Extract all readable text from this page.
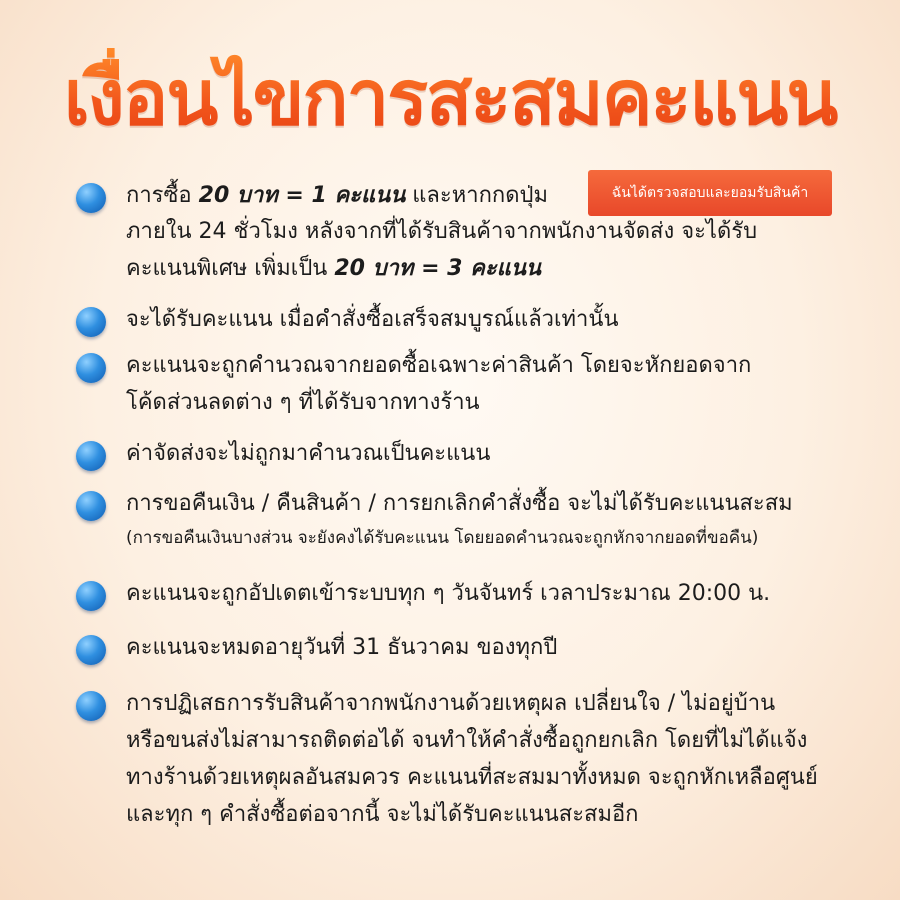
เงื่อนไขการสะสมคะแนน
ฉันได้ตรวจสอบและยอมรับสินค้า
การซื้อ 20 บาท = 1 คะแนน และหากกดปุ่ม
ภายใน 24 ชั่วโมง หลังจากที่ได้รับสินค้าจากพนักงานจัดส่ง จะได้รับ
คะแนนพิเศษ เพิ่มเป็น 20 บาท = 3 คะแนน
จะได้รับคะแนน เมื่อคำสั่งซื้อเสร็จสมบูรณ์แล้วเท่านั้น
คะแนนจะถูกคำนวณจากยอดซื้อเฉพาะค่าสินค้า โดยจะหักยอดจาก
โค้ดส่วนลดต่าง ๆ ที่ได้รับจากทางร้าน
ค่าจัดส่งจะไม่ถูกมาคำนวณเป็นคะแนน
การขอคืนเงิน / คืนสินค้า / การยกเลิกคำสั่งซื้อ จะไม่ได้รับคะแนนสะสม
(การขอคืนเงินบางส่วน จะยังคงได้รับคะแนน โดยยอดคำนวณจะถูกหักจากยอดที่ขอคืน)
คะแนนจะถูกอัปเดตเข้าระบบทุก ๆ วันจันทร์ เวลาประมาณ 20:00 น.
คะแนนจะหมดอายุวันที่ 31 ธันวาคม ของทุกปี
การปฏิเสธการรับสินค้าจากพนักงานด้วยเหตุผล เปลี่ยนใจ / ไม่อยู่บ้าน
หรือขนส่งไม่สามารถติดต่อได้ จนทำให้คำสั่งซื้อถูกยกเลิก โดยที่ไม่ได้แจ้ง
ทางร้านด้วยเหตุผลอันสมควร คะแนนที่สะสมมาทั้งหมด จะถูกหักเหลือศูนย์
และทุก ๆ คำสั่งซื้อต่อจากนี้ จะไม่ได้รับคะแนนสะสมอีก
